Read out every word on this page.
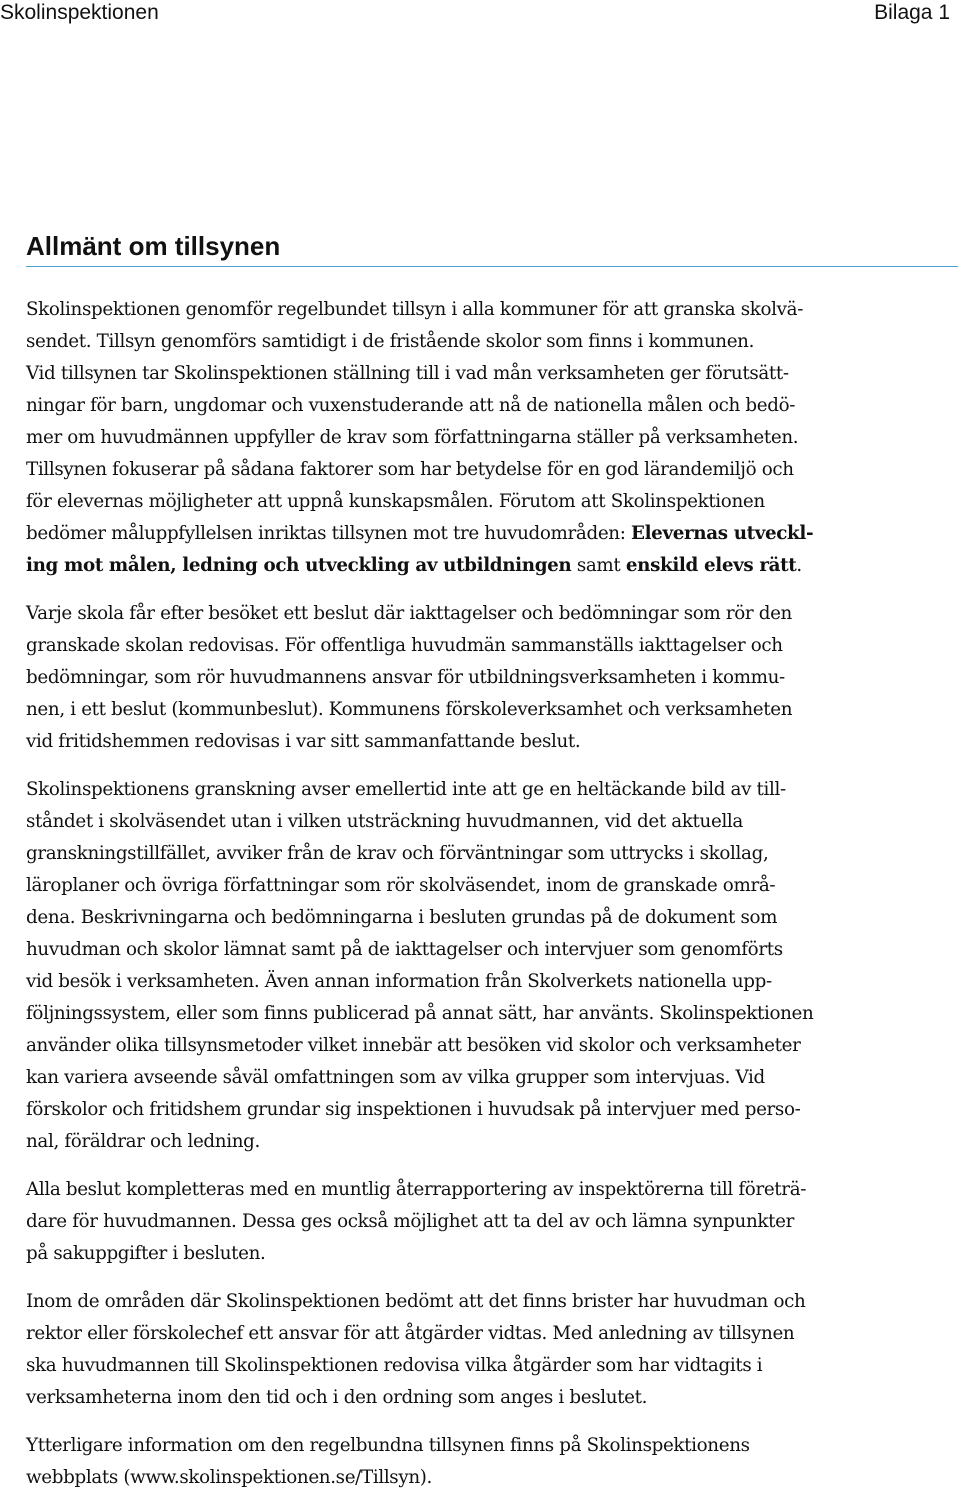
Skolinspektionen	Bilaga 1
Allmänt om tillsynen

Skolinspektionen genomför regelbundet tillsyn i alla kommuner för att granska skolvä-
sendet. Tillsyn genomförs samtidigt i de fristående skolor som finns i kommunen.

Vid tillsynen tar Skolinspektionen ställning till i vad mån verksamheten ger förutsätt-
ningar för barn, ungdomar och vuxenstuderande att nå de nationella målen och bedö-
mer om huvudmännen uppfyller de krav som författningarna ställer på verksamheten.
Tillsynen fokuserar på sådana faktorer som har betydelse för en god lärandemiljö och
för elevernas möjligheter att uppnå kunskapsmålen. Förutom att Skolinspektionen
bedömer måluppfyllelsen inriktas tillsynen mot tre huvudområden: Elevernas utveckl-
ing mot målen, ledning och utveckling av utbildningen samt enskild elevs rätt.

Varje skola får efter besöket ett beslut där iakttagelser och bedömningar som rör den
granskade skolan redovisas. För offentliga huvudmän sammanställs iakttagelser och
bedömningar, som rör huvudmannens ansvar för utbildningsverksamheten i kommu-
nen, i ett beslut (kommunbeslut). Kommunens förskoleverksamhet och verksamheten
vid fritidshemmen redovisas i var sitt sammanfattande beslut.

Skolinspektionens granskning avser emellertid inte att ge en heltäckande bild av till-
ståndet i skolväsendet utan i vilken utsträckning huvudmannen, vid det aktuella
granskningstillfället, avviker från de krav och förväntningar som uttrycks i skollag,
läroplaner och övriga författningar som rör skolväsendet, inom de granskade områ-
dena. Beskrivningarna och bedömningarna i besluten grundas på de dokument som
huvudman och skolor lämnat samt på de iakttagelser och intervjuer som genomförts
vid besök i verksamheten. Även annan information från Skolverkets nationella upp-
följningssystem, eller som finns publicerad på annat sätt, har använts. Skolinspektionen
använder olika tillsynsmetoder vilket innebär att besöken vid skolor och verksamheter
kan variera avseende såväl omfattningen som av vilka grupper som intervjuas. Vid
förskolor och fritidshem grundar sig inspektionen i huvudsak på intervjuer med perso-
nal, föräldrar och ledning.

Alla beslut kompletteras med en muntlig återrapportering av inspektörerna till företrä-
dare för huvudmannen. Dessa ges också möjlighet att ta del av och lämna synpunkter
på sakuppgifter i besluten.

Inom de områden där Skolinspektionen bedömt att det finns brister har huvudman och
rektor eller förskolechef ett ansvar för att åtgärder vidtas. Med anledning av tillsynen
ska huvudmannen till Skolinspektionen redovisa vilka åtgärder som har vidtagits i
verksamheterna inom den tid och i den ordning som anges i beslutet.

Ytterligare information om den regelbundna tillsynen finns på Skolinspektionens
webbplats (www.skolinspektionen.se/Tillsyn).
